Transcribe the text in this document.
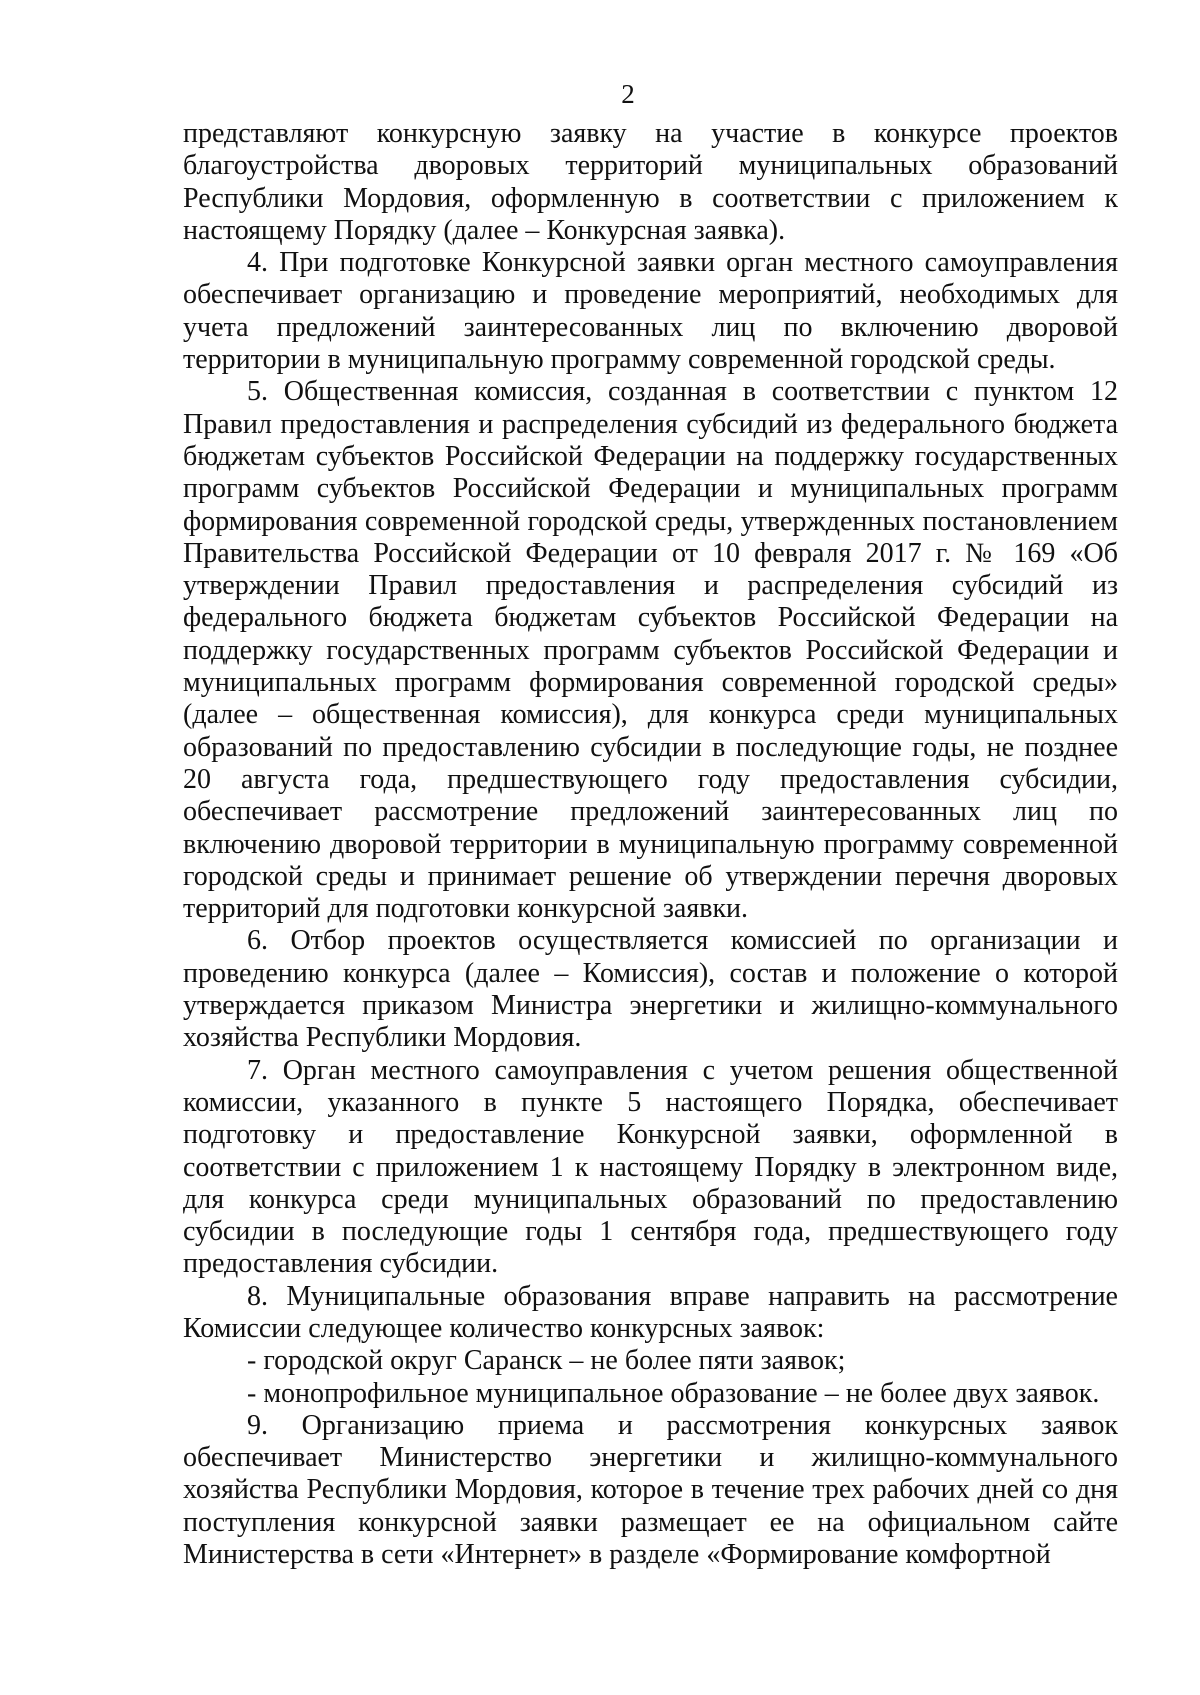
2

представляют конкурсную заявку на участие в конкурсе проектов благоустройства дворовых территорий муниципальных образований Республики Мордовия, оформленную в соответствии с приложением к настоящему Порядку (далее – Конкурсная заявка).

4. При подготовке Конкурсной заявки орган местного самоуправления обеспечивает организацию и проведение мероприятий, необходимых для учета предложений заинтересованных лиц по включению дворовой территории в муниципальную программу современной городской среды.

5. Общественная комиссия, созданная в соответствии с пунктом 12 Правил предоставления и распределения субсидий из федерального бюджета бюджетам субъектов Российской Федерации на поддержку государственных программ субъектов Российской Федерации и муниципальных программ формирования современной городской среды, утвержденных постановлением Правительства Российской Федерации от 10 февраля 2017 г. № 169 «Об утверждении Правил предоставления и распределения субсидий из федерального бюджета бюджетам субъектов Российской Федерации на поддержку государственных программ субъектов Российской Федерации и муниципальных программ формирования современной городской среды» (далее – общественная комиссия), для конкурса среди муниципальных образований по предоставлению субсидии в последующие годы, не позднее 20 августа года, предшествующего году предоставления субсидии, обеспечивает рассмотрение предложений заинтересованных лиц по включению дворовой территории в муниципальную программу современной городской среды и принимает решение об утверждении перечня дворовых территорий для подготовки конкурсной заявки.

6. Отбор проектов осуществляется комиссией по организации и проведению конкурса (далее – Комиссия), состав и положение о которой утверждается приказом Министра энергетики и жилищно-коммунального хозяйства Республики Мордовия.

7. Орган местного самоуправления с учетом решения общественной комиссии, указанного в пункте 5 настоящего Порядка, обеспечивает подготовку и предоставление Конкурсной заявки, оформленной в соответствии с приложением 1 к настоящему Порядку в электронном виде, для конкурса среди муниципальных образований по предоставлению субсидии в последующие годы 1 сентября года, предшествующего году предоставления субсидии.

8. Муниципальные образования вправе направить на рассмотрение Комиссии следующее количество конкурсных заявок:

- городской округ Саранск – не более пяти заявок;

- монопрофильное муниципальное образование – не более двух заявок.

9. Организацию приема и рассмотрения конкурсных заявок обеспечивает Министерство энергетики и жилищно-коммунального хозяйства Республики Мордовия, которое в течение трех рабочих дней со дня поступления конкурсной заявки размещает ее на официальном сайте Министерства в сети «Интернет» в разделе «Формирование комфортной
